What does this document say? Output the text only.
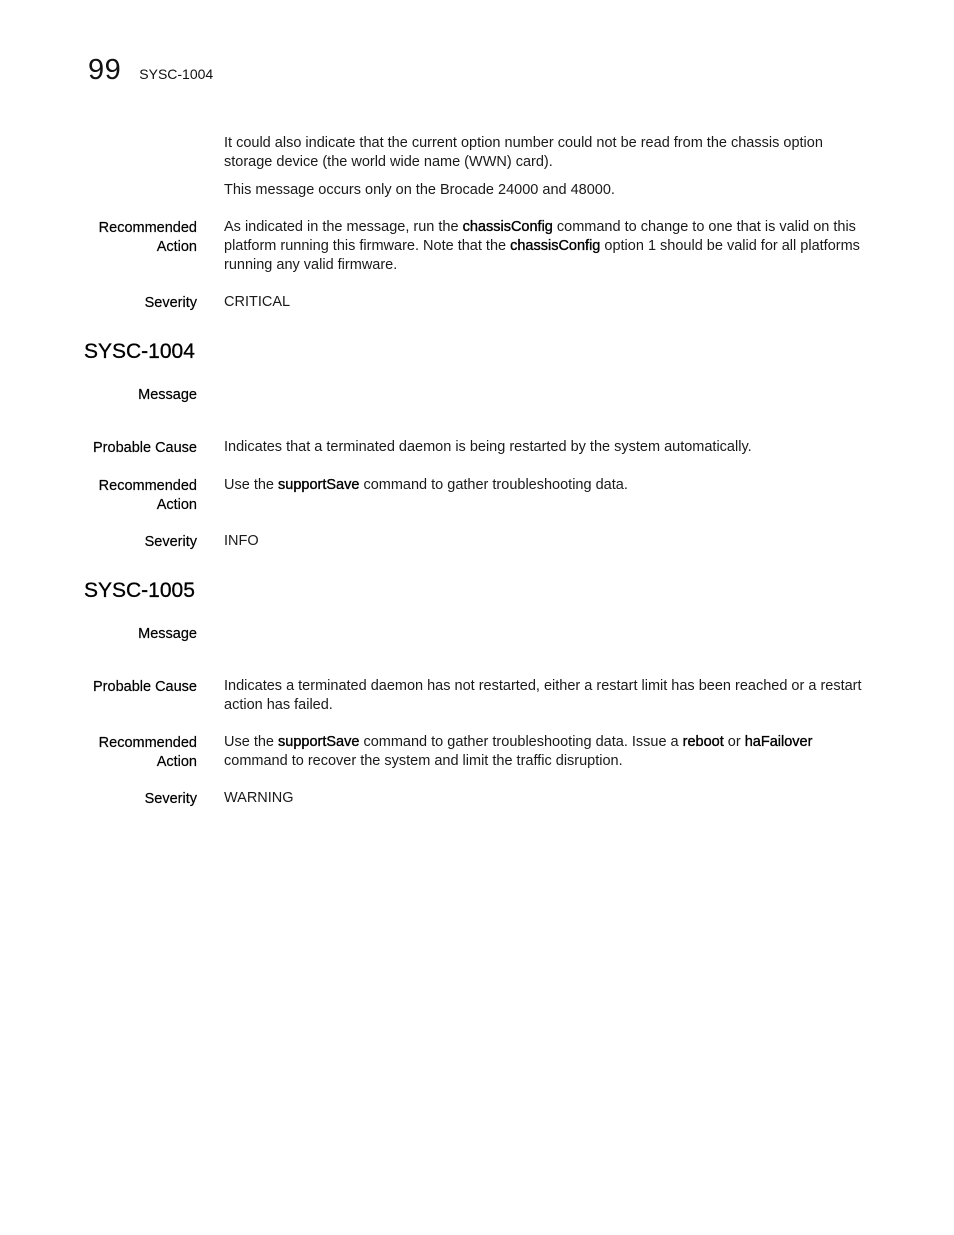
99 SYSC-1004
It could also indicate that the current option number could not be read from the chassis option storage device (the world wide name (WWN) card).
This message occurs only on the Brocade 24000 and 48000.
Recommended
Action
As indicated in the message, run the chassisConfig command to change to one that is valid on this platform running this firmware. Note that the chassisConfig option 1 should be valid for all platforms running any valid firmware.
Severity CRITICAL
SYSC-1004
Message
Probable Cause Indicates that a terminated daemon is being restarted by the system automatically.
Recommended
Action
Use the supportSave command to gather troubleshooting data.
Severity INFO
SYSC-1005
Message
Probable Cause Indicates a terminated daemon has not restarted, either a restart limit has been reached or a restart action has failed.
Recommended
Action
Use the supportSave command to gather troubleshooting data. Issue a reboot or haFailover command to recover the system and limit the traffic disruption.
Severity WARNING
